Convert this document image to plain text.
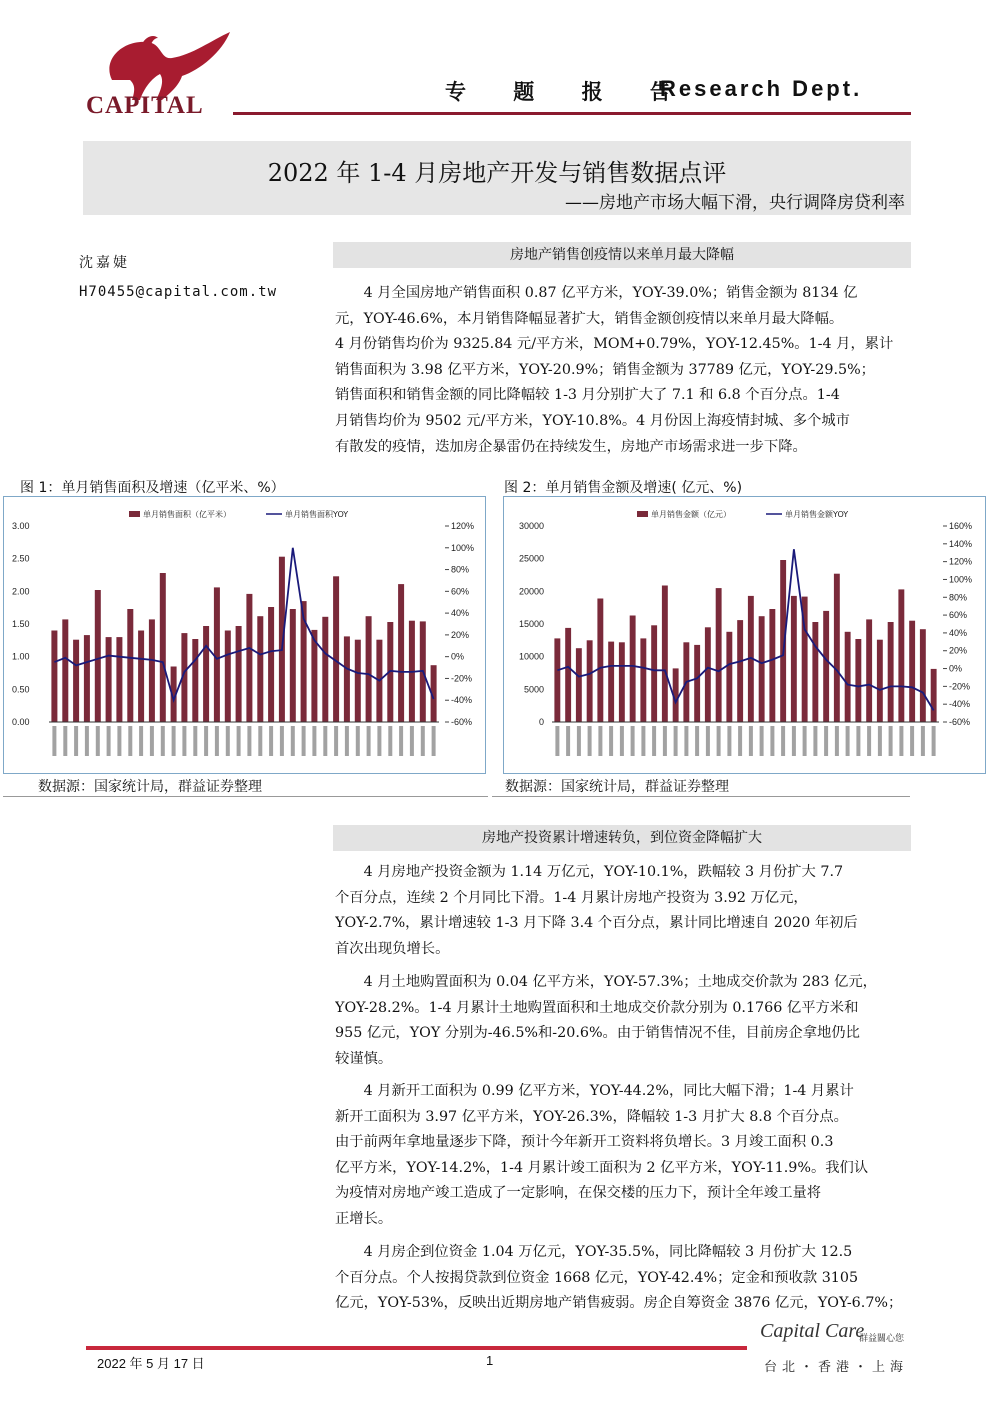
CAPITAL	专 题 报 告
Research Dept.
2022 年 1-4 月房地产开发与销售数据点评
——房地产市场大幅下滑，央行调降房贷利率
沈嘉婕
H70455@capital.com.tw
房地产销售创疫情以来单月最大降幅
4 月全国房地产销售面积 0.87 亿平方米，YOY-39.0%；销售金额为 8134 亿
元，YOY-46.6%，本月销售降幅显著扩大，销售金额创疫情以来单月最大降幅。
4 月份销售均价为 9325.84 元/平方米，MOM+0.79%，YOY-12.45%。1-4 月，累计
销售面积为 3.98 亿平方米，YOY-20.9%；销售金额为 37789 亿元，YOY-29.5%；
销售面积和销售金额的同比降幅较 1-3 月分别扩大了 7.1 和 6.8 个百分点。1-4
月销售均价为 9502 元/平方米，YOY-10.8%。4 月份因上海疫情封城、多个城市
有散发的疫情，迭加房企暴雷仍在持续发生，房地产市场需求进一步下降。
图 1：单月销售面积及增速（亿平米、%）	图 2：单月销售金额及增速( 亿元、%)
单月销售面积（亿平米）	单月销售面积YOY
3.00
2.50
2.00
1.50
1.00
0.50
0.00
120%
100%
80%
60%
40%
20%
0%
-20%
-40%
-60%
单月销售金额（亿元）	单月销售金额YOY
30000
25000
20000
15000
10000
5000
0
160%
140%
120%
100%
80%
60%
40%
20%
0%
-20%
-40%
-60%
数据源：国家统计局，群益证券整理	数据源：国家统计局，群益证券整理
房地产投资累计增速转负，到位资金降幅扩大
4 月房地产投资金额为 1.14 万亿元，YOY-10.1%，跌幅较 3 月份扩大 7.7
个百分点，连续 2 个月同比下滑。1-4 月累计房地产投资为 3.92 万亿元，
YOY-2.7%，累计增速较 1-3 月下降 3.4 个百分点，累计同比增速自 2020 年初后
首次出现负增长。
4 月土地购置面积为 0.04 亿平方米，YOY-57.3%；土地成交价款为 283 亿元，
YOY-28.2%。1-4 月累计土地购置面积和土地成交价款分别为 0.1766 亿平方米和
955 亿元，YOY 分别为-46.5%和-20.6%。由于销售情况不佳，目前房企拿地仍比
较谨慎。
4 月新开工面积为 0.99 亿平方米，YOY-44.2%，同比大幅下滑；1-4 月累计
新开工面积为 3.97 亿平方米，YOY-26.3%，降幅较 1-3 月扩大 8.8 个百分点。
由于前两年拿地量逐步下降，预计今年新开工资料将负增长。3 月竣工面积 0.3
亿平方米，YOY-14.2%，1-4 月累计竣工面积为 2 亿平方米，YOY-11.9%。我们认
为疫情对房地产竣工造成了一定影响，在保交楼的压力下，预计全年竣工量将
正增长。
4 月房企到位资金 1.04 万亿元，YOY-35.5%，同比降幅较 3 月份扩大 12.5
个百分点。个人按揭贷款到位资金 1668 亿元，YOY-42.4%；定金和预收款 3105
亿元，YOY-53%，反映出近期房地产销售疲弱。房企自筹资金 3876 亿元，YOY-6.7%；
Capital Care
群益關心您
2022 年 5 月 17 日	1	台北・香港・上海
